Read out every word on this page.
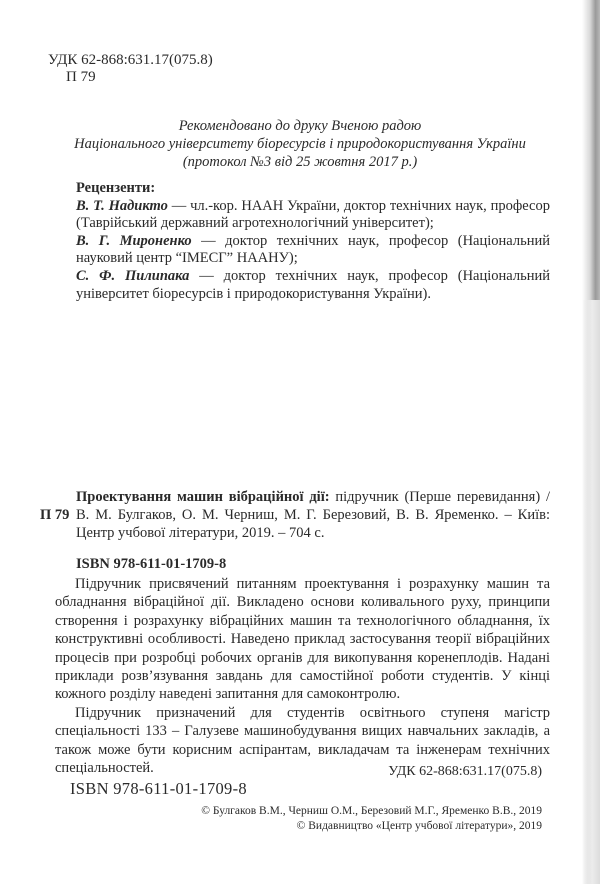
УДК 62-868:631.17(075.8)
П 79
Рекомендовано до друку Вченою радою
Національного університету біоресурсів і природокористування України
(протокол №3 від 25 жовтня 2017 р.)

Рецензенти:

В. Т. Надикто — чл.-кор. НААН України, доктор технічних наук, професор (Таврійський державний агротехнологічний університет);

В. Г. Мироненко — доктор технічних наук, професор (Національний науковий центр “ІМЕСГ” НААНУ);

С. Ф. Пилипака — доктор технічних наук, професор (Національний університет біоресурсів і природокористування України).

П 79
Проектування машин вібраційної дії: підручник (Перше перевидання) / В. М. Булгаков, О. М. Черниш, М. Г. Березовий, В. В. Яременко. – Київ: Центр учбової літератури, 2019. – 704 с.
ISBN 978-611-01-1709-8

Підручник присвячений питанням проектування і розрахунку машин та обладнання вібраційної дії. Викладено основи коливального руху, принципи створення і розрахунку вібраційних машин та технологічного обладнання, їх конструктивні особливості. Наведено приклад застосування теорії вібраційних процесів при розробці робочих органів для викопування коренеплодів. Надані приклади розв’язування завдань для самостійної роботи студентів. У кінці кожного розділу наведені запитання для самоконтролю.

Підручник призначений для студентів освітнього ступеня магістр спеціальності 133 – Галузеве машинобудування вищих навчальних закладів, а також може бути корисним аспірантам, викладачам та інженерам технічних спеціальностей.	УДК 62-868:631.17(075.8)
ISBN 978-611-01-1709-8
© Булгаков В.М., Черниш О.М., Березовий М.Г., Яременко В.В., 2019
© Видавництво «Центр учбової літератури», 2019
